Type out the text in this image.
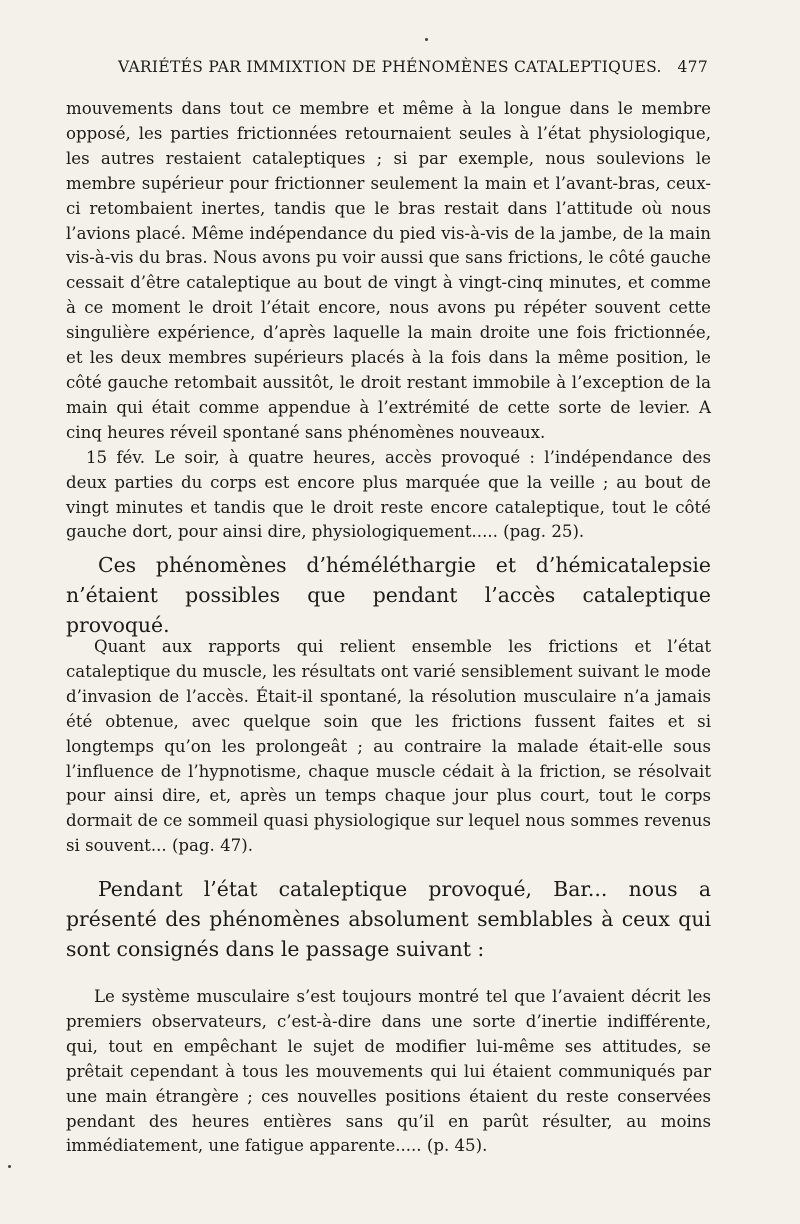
VARIÉTÉS PAR IMMIXTION DE PHÉNOMÈNES CATALEPTIQUES. 477

mouvements dans tout ce membre et même à la longue dans le membre opposé, les parties frictionnées retournaient seules à l’état physiologique, les autres restaient cataleptiques ; si par exemple, nous soulevions le membre supérieur pour frictionner seulement la main et l’avant-bras, ceux-ci retombaient inertes, tandis que le bras restait dans l’attitude où nous l’avions placé. Même indépendance du pied vis-à-vis de la jambe, de la main vis-à-vis du bras. Nous avons pu voir aussi que sans frictions, le côté gauche cessait d’être cataleptique au bout de vingt à vingt-cinq minutes, et comme à ce moment le droit l’était encore, nous avons pu répéter souvent cette singulière expérience, d’après laquelle la main droite une fois frictionnée, et les deux membres supérieurs placés à la fois dans la même position, le côté gauche retombait aussitôt, le droit restant immobile à l’exception de la main qui était comme appendue à l’extrémité de cette sorte de levier. A cinq heures réveil spontané sans phénomènes nouveaux.

15 fév. Le soir, à quatre heures, accès provoqué : l’indépendance des deux parties du corps est encore plus marquée que la veille ; au bout de vingt minutes et tandis que le droit reste encore cataleptique, tout le côté gauche dort, pour ainsi dire, physiologiquement..... (pag. 25).

Ces phénomènes d’héméléthargie et d’hémicatalepsie n’étaient possibles que pendant l’accès cataleptique provoqué.

Quant aux rapports qui relient ensemble les frictions et l’état cataleptique du muscle, les résultats ont varié sensiblement suivant le mode d’invasion de l’accès. Était-il spontané, la résolution musculaire n’a jamais été obtenue, avec quelque soin que les frictions fussent faites et si longtemps qu’on les prolongeât ; au contraire la malade était-elle sous l’influence de l’hypnotisme, chaque muscle cédait à la friction, se résolvait pour ainsi dire, et, après un temps chaque jour plus court, tout le corps dormait de ce sommeil quasi physiologique sur lequel nous sommes revenus si souvent... (pag. 47).

Pendant l’état cataleptique provoqué, Bar... nous a présenté des phénomènes absolument semblables à ceux qui sont consignés dans le passage suivant :

Le système musculaire s’est toujours montré tel que l’avaient décrit les premiers observateurs, c’est-à-dire dans une sorte d’inertie indifférente, qui, tout en empêchant le sujet de modifier lui-même ses attitudes, se prêtait cependant à tous les mouvements qui lui étaient communiqués par une main étrangère ; ces nouvelles positions étaient du reste conservées pendant des heures entières sans qu’il en parût résulter, au moins immédiatement, une fatigue apparente..... (p. 45).
